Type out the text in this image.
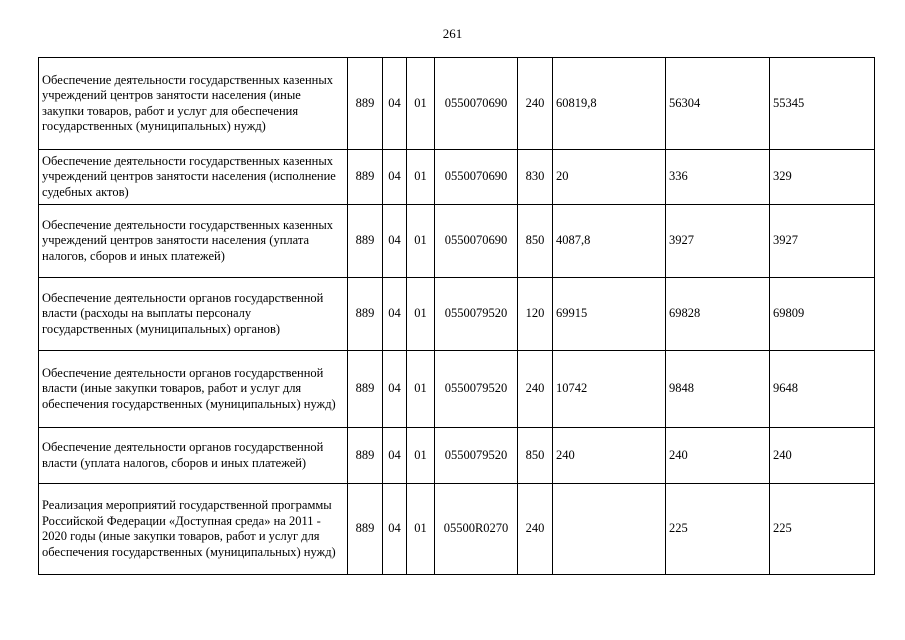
261
Обеспечение деятельности государственных казенных учреждений центров занятости населения (иные закупки товаров, работ и услуг для обеспечения государственных (муниципальных) нужд)	889	04	01	0550070690	240	60819,8	56304	55345
Обеспечение деятельности государственных казенных учреждений центров занятости населения (исполнение судебных актов)	889	04	01	0550070690	830	20	336	329
Обеспечение деятельности государственных казенных учреждений центров занятости населения (уплата налогов, сборов и иных платежей)	889	04	01	0550070690	850	4087,8	3927	3927
Обеспечение деятельности органов государственной власти (расходы на выплаты персоналу государственных (муниципальных) органов)	889	04	01	0550079520	120	69915	69828	69809
Обеспечение деятельности органов государственной власти (иные закупки товаров, работ и услуг для обеспечения государственных (муниципальных) нужд)	889	04	01	0550079520	240	10742	9848	9648
Обеспечение деятельности органов государственной власти (уплата налогов, сборов и иных платежей)	889	04	01	0550079520	850	240	240	240
Реализация мероприятий государственной программы Российской Федерации «Доступная среда» на 2011 - 2020 годы (иные закупки товаров, работ и услуг для обеспечения государственных (муниципальных) нужд)	889	04	01	05500R0270	240		225	225
